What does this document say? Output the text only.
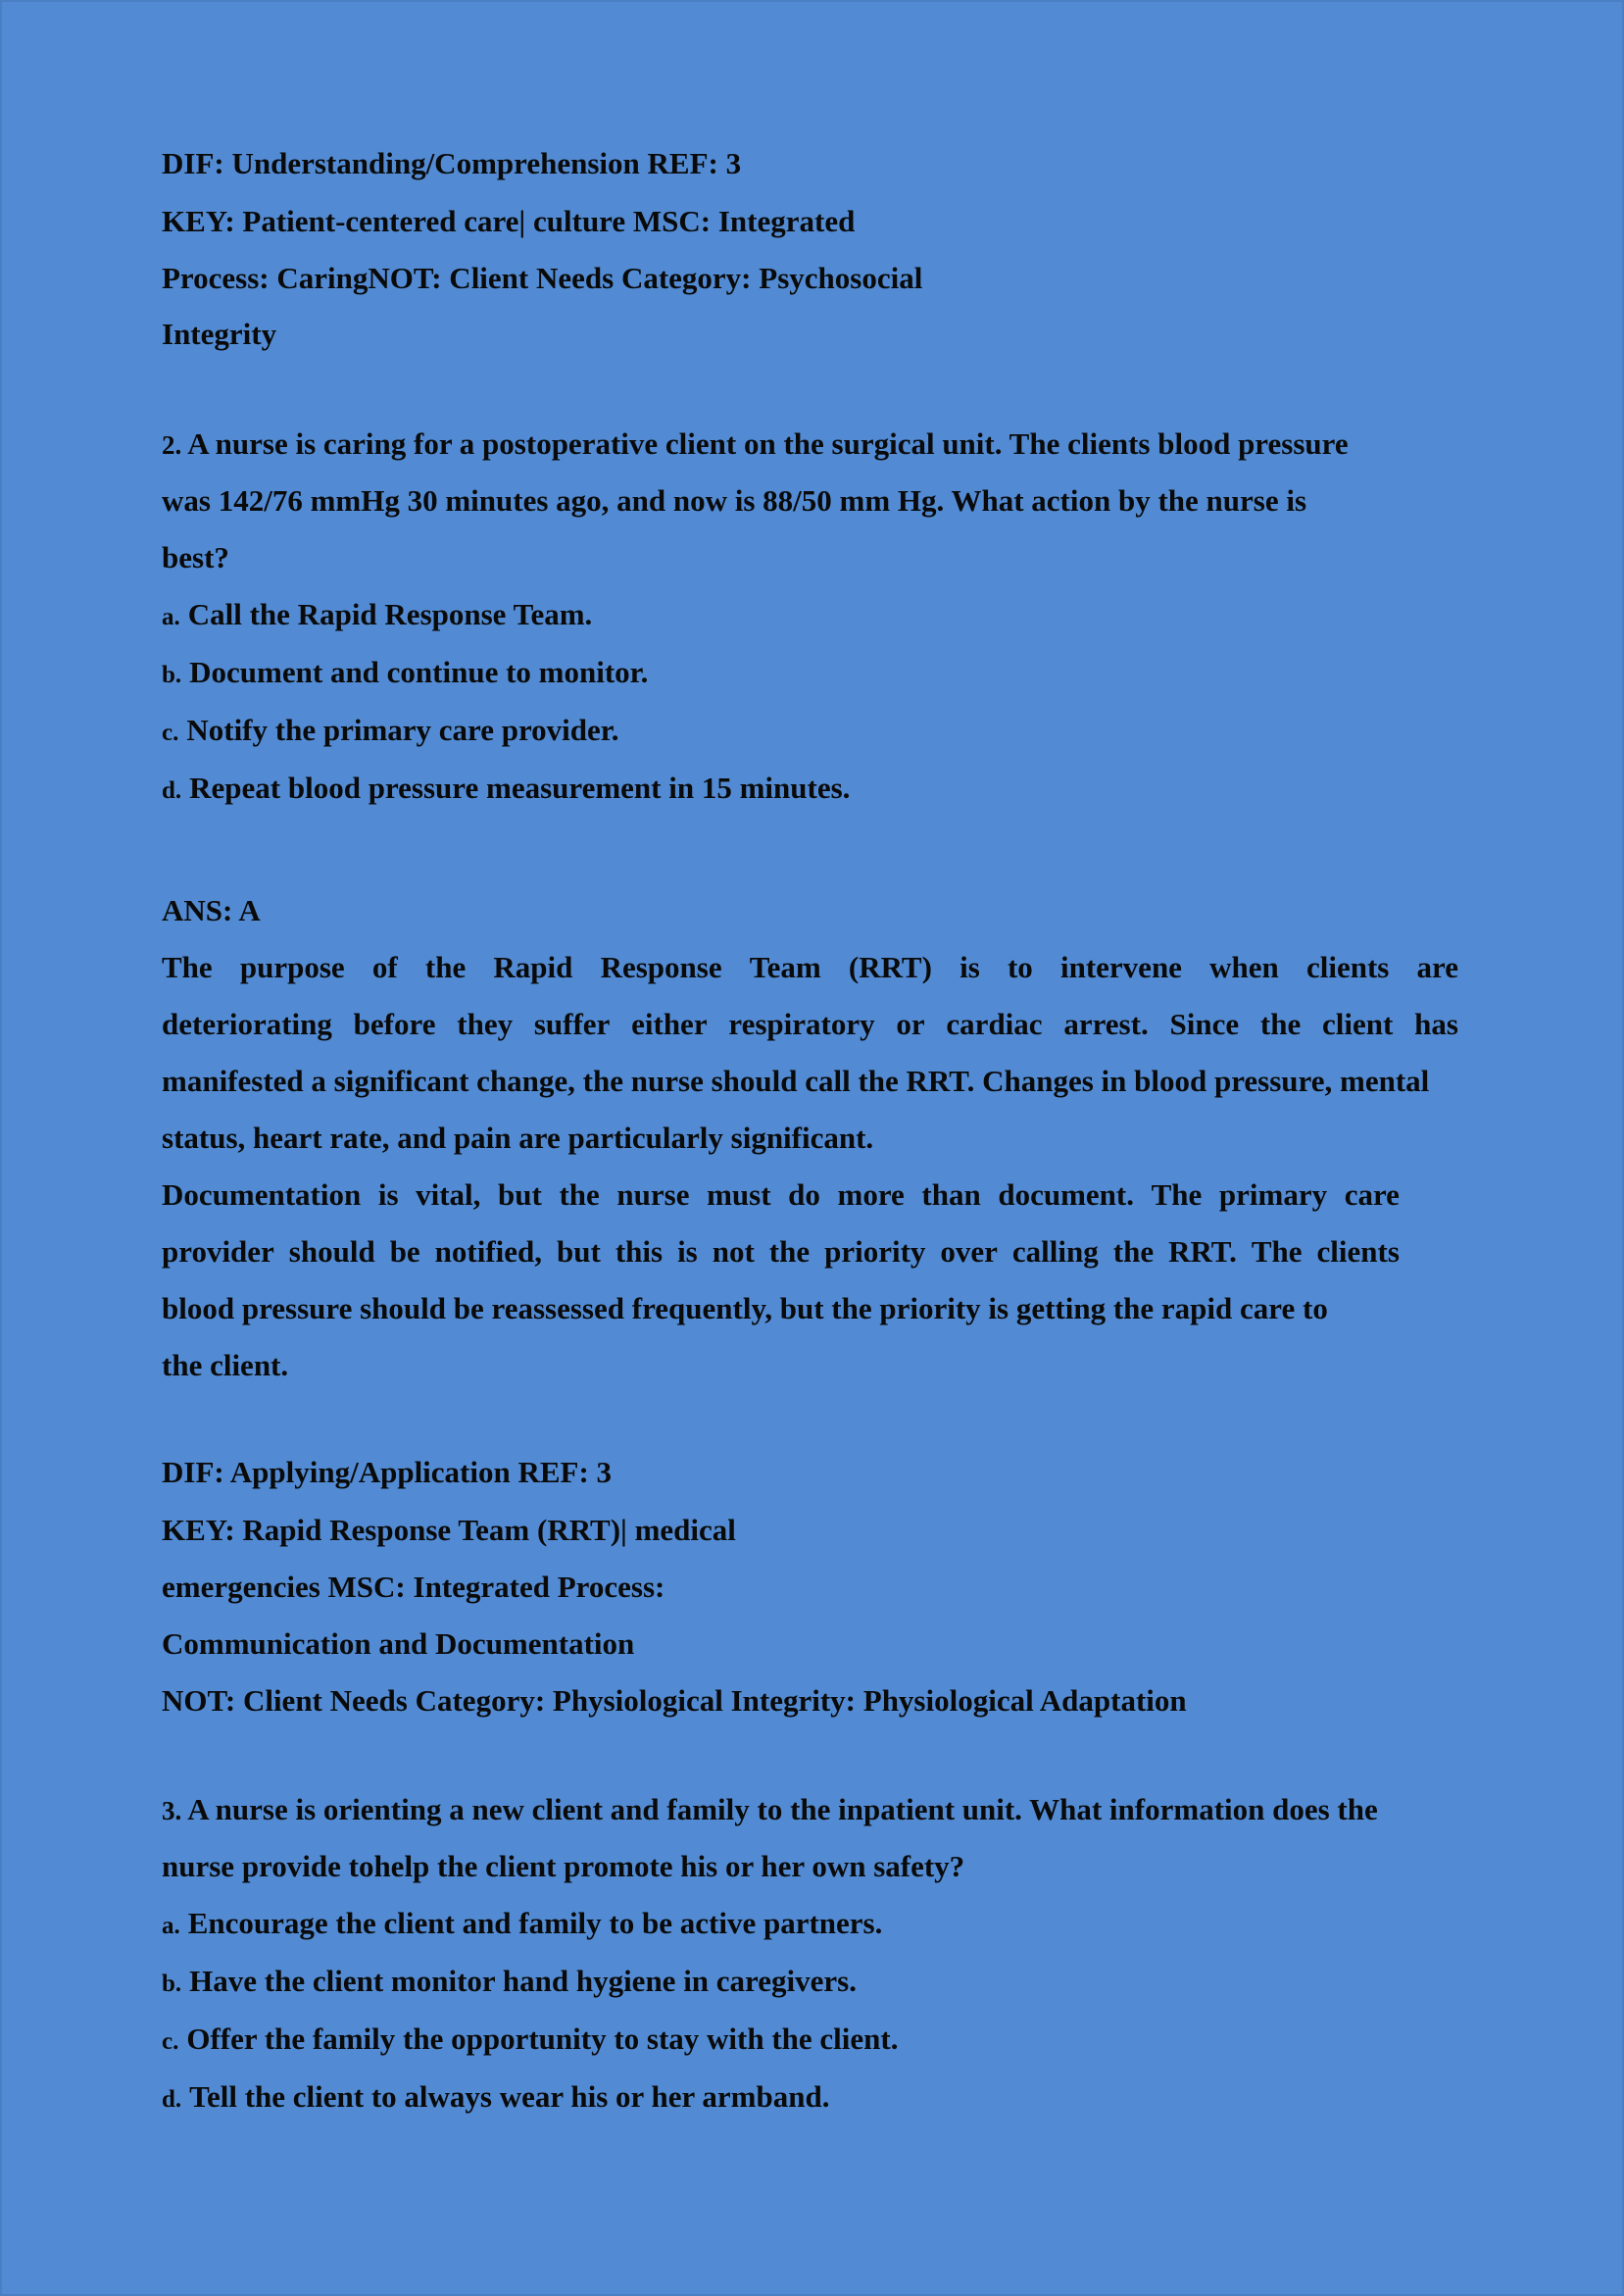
DIF: Understanding/Comprehension REF: 3
KEY: Patient-centered care| culture MSC: Integrated
Process: CaringNOT: Client Needs Category: Psychosocial
Integrity
2. A nurse is caring for a postoperative client on the surgical unit. The clients blood pressure
was 142/76 mmHg 30 minutes ago, and now is 88/50 mm Hg. What action by the nurse is
best?
a. Call the Rapid Response Team.
b. Document and continue to monitor.
c. Notify the primary care provider.
d. Repeat blood pressure measurement in 15 minutes.
ANS: A
The purpose of the Rapid Response Team (RRT) is to intervene when clients are
deteriorating before they suffer either respiratory or cardiac arrest. Since the client has
manifested a significant change, the nurse should call the RRT. Changes in blood pressure, mental
status, heart rate, and pain are particularly significant.
Documentation is vital, but the nurse must do more than document. The primary care
provider should be notified, but this is not the priority over calling the RRT. The clients
blood pressure should be reassessed frequently, but the priority is getting the rapid care to
the client.
DIF: Applying/Application REF: 3
KEY: Rapid Response Team (RRT)| medical
emergencies MSC: Integrated Process:
Communication and Documentation
NOT: Client Needs Category: Physiological Integrity: Physiological Adaptation
3. A nurse is orienting a new client and family to the inpatient unit. What information does the
nurse provide tohelp the client promote his or her own safety?
a. Encourage the client and family to be active partners.
b. Have the client monitor hand hygiene in caregivers.
c. Offer the family the opportunity to stay with the client.
d. Tell the client to always wear his or her armband.
